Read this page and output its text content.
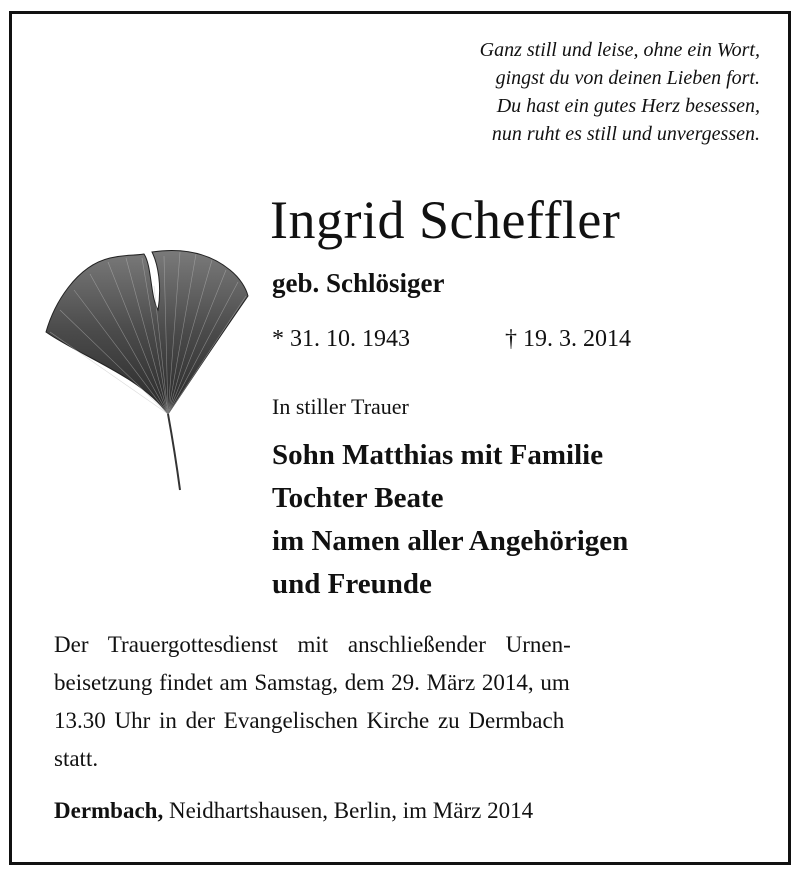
Ganz still und leise, ohne ein Wort,
gingst du von deinen Lieben fort.
Du hast ein gutes Herz besessen,
nun ruht es still und unvergessen.
Ingrid Scheffler
geb. Schlösiger
* 31. 10. 1943	† 19. 3. 2014
In stiller Trauer
Sohn Matthias mit Familie
Tochter Beate
im Namen aller Angehörigen
und Freunde
Der Trauergottesdienst mit anschließender Urnen-
beisetzung findet am Samstag, dem 29. März 2014, um
13.30 Uhr in der Evangelischen Kirche zu Dermbach
statt.
Dermbach, Neidhartshausen, Berlin, im März 2014
